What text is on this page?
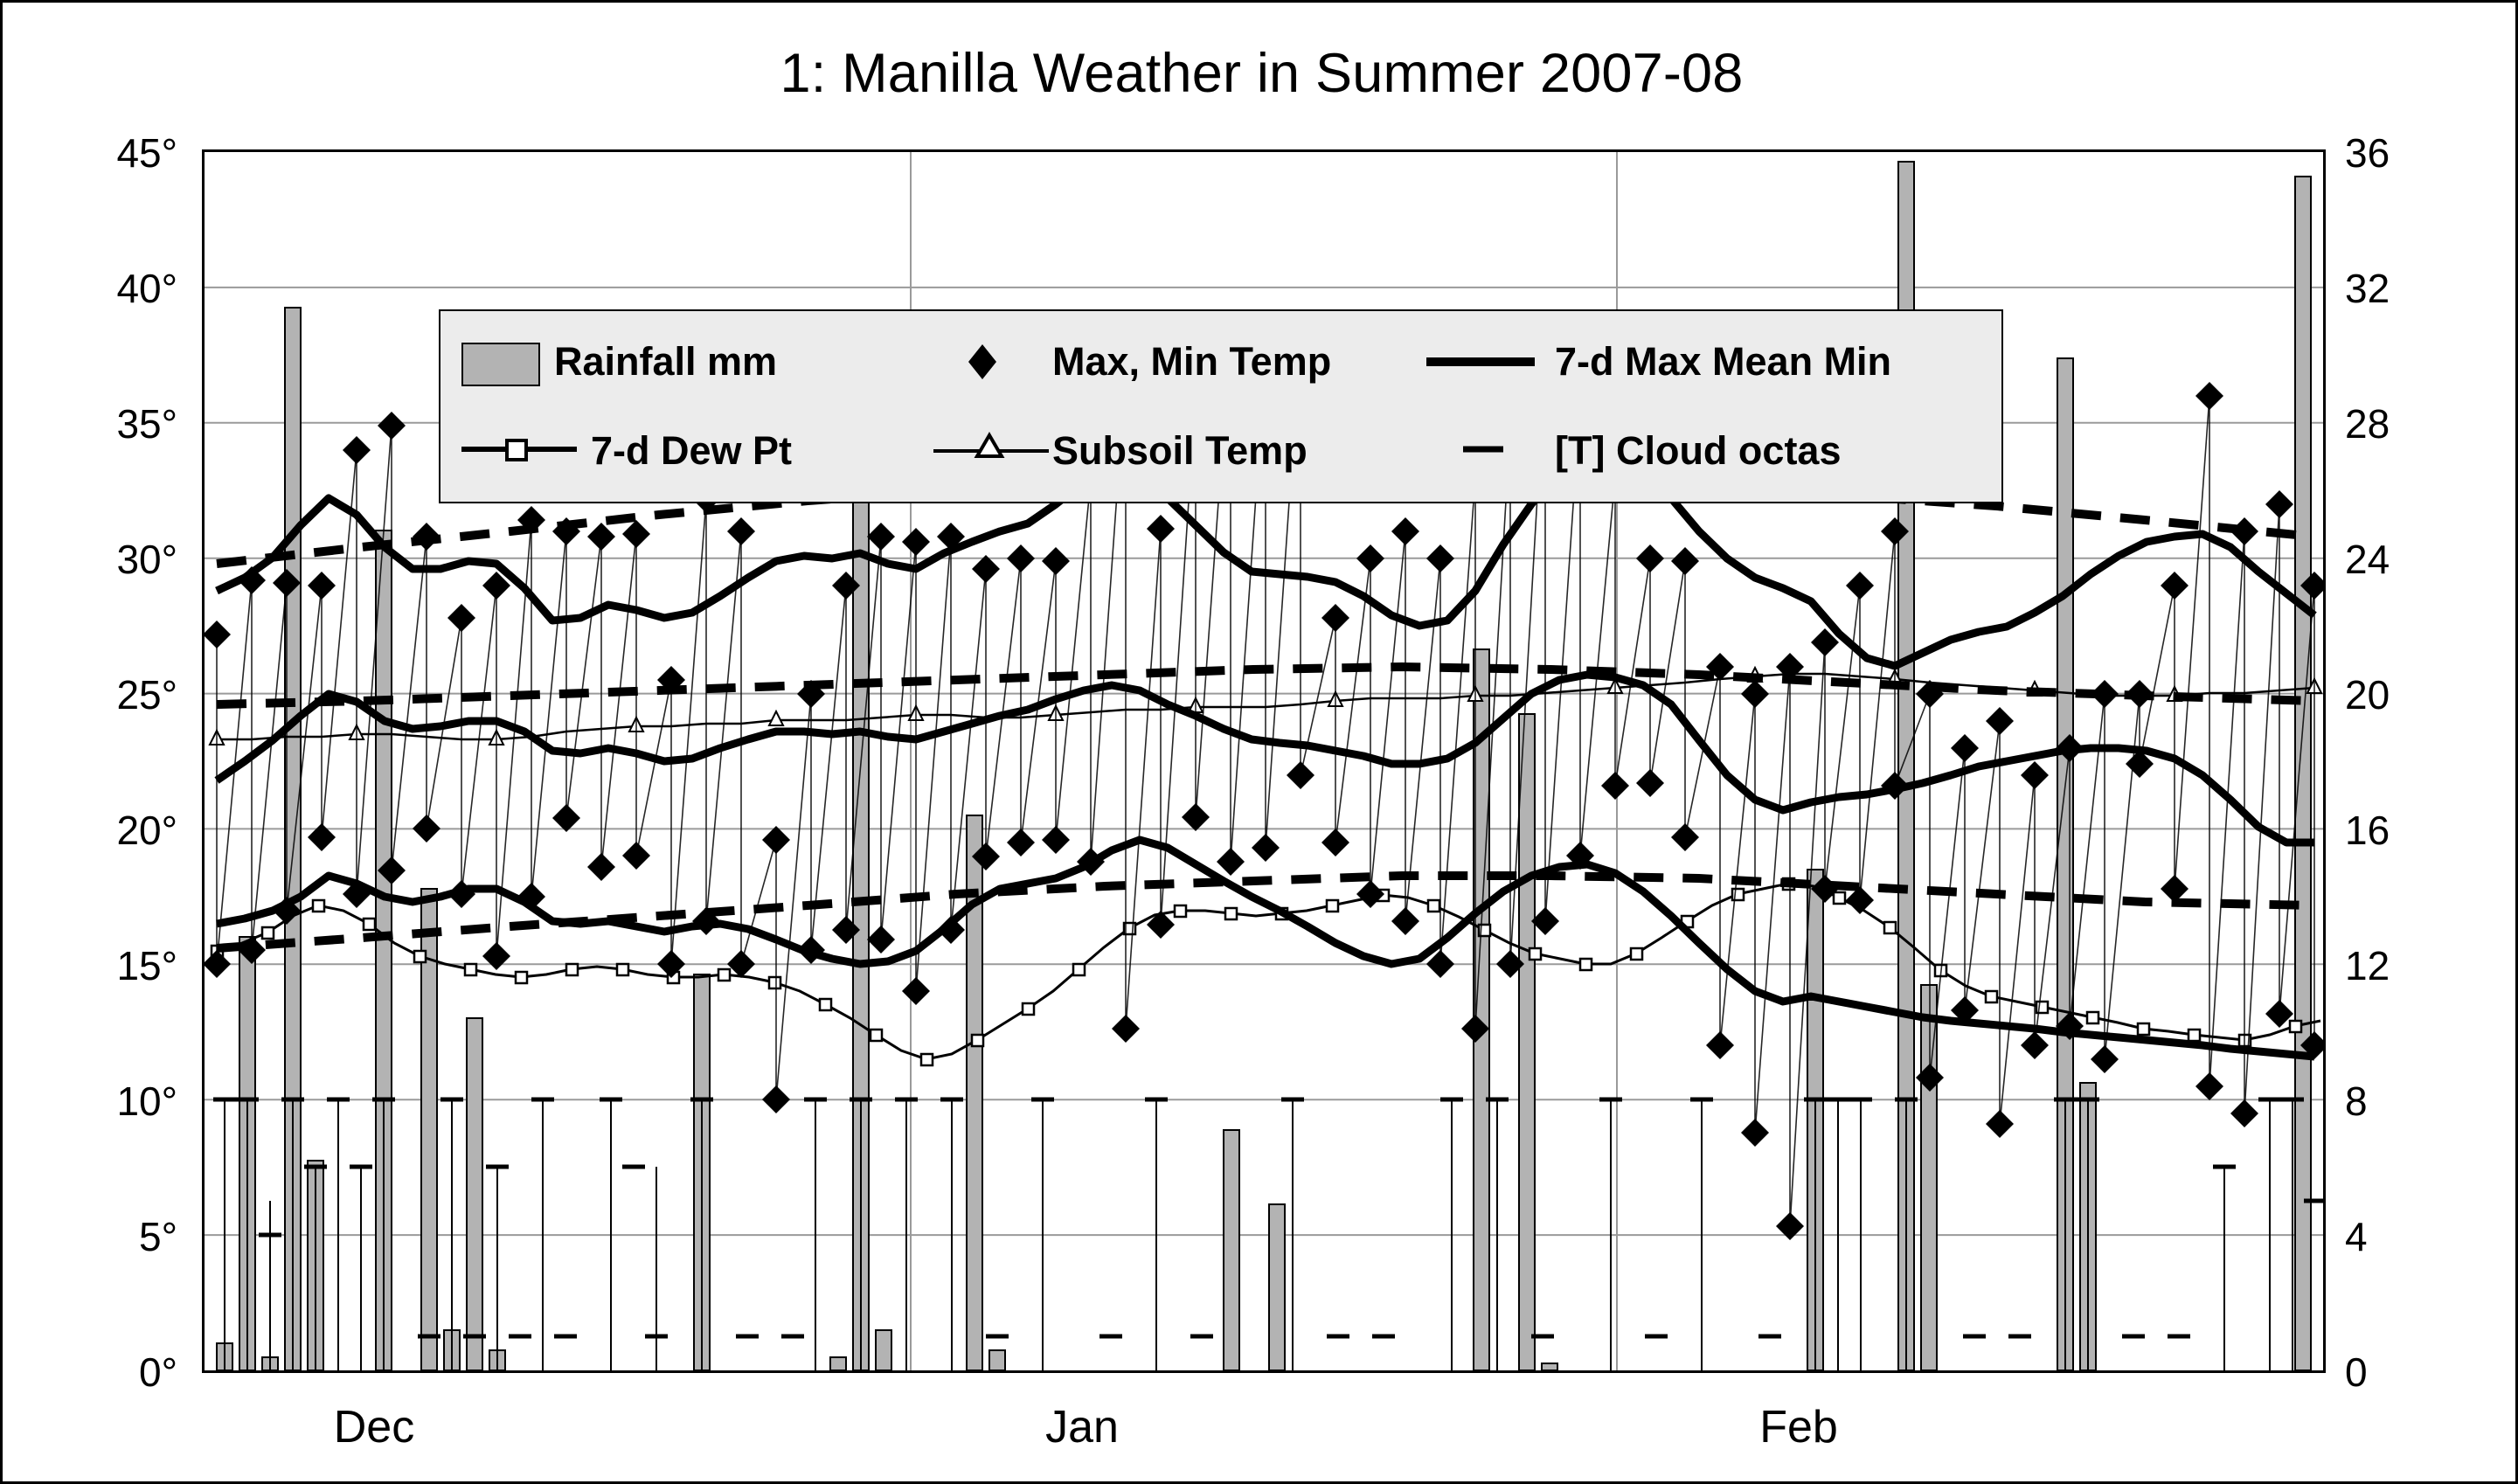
1: Manilla Weather in Summer 2007-08
45°
40°
35°
30°
25°
20°
15°
10°
5°
0°
36
32
28
24
20
16
12
8
4
0
Dec	Jan	Feb
Rainfall mm	Max, Min Temp	7-d Max Mean Min
7-d Dew Pt	Subsoil Temp	[T] Cloud octas
